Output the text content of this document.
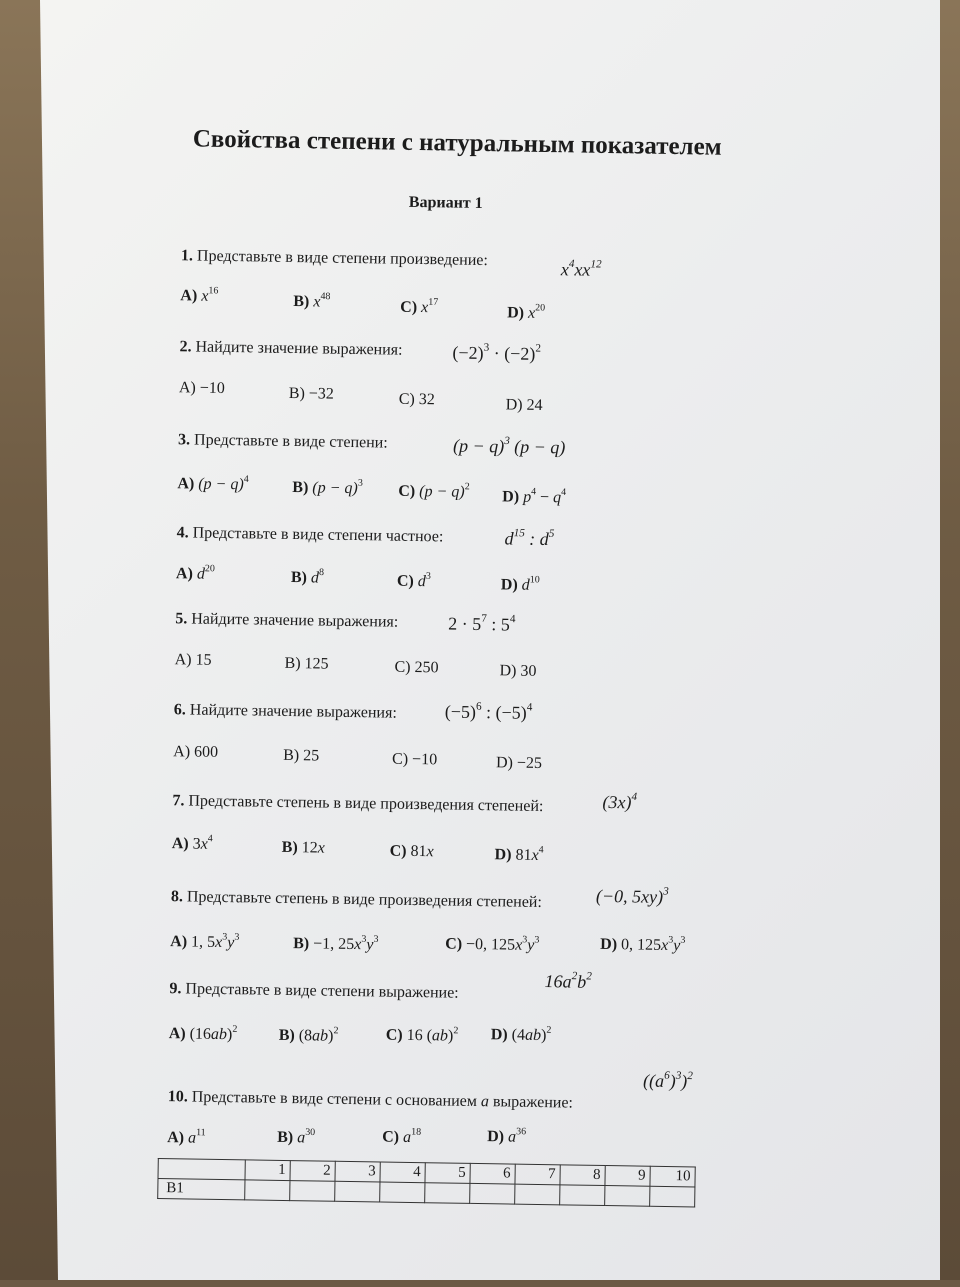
Свойства степени с натуральным показателем
Вариант 1
1. Представьте в виде степени произведение:
$x^4xx^{12}$
A) $x^{16}$
B) $x^{48}$
C) $x^{17}$
D) $x^{20}$
2. Найдите значение выражения:	$(-2)^3 \cdot (-2)^2$
A) −10	B) −32	C) 32	D) 24
3. Представьте в виде степени:	$(p - q)^3$ (p − q)
A) $(p - q)^4$	B) $(p - q)^3$ C) $(p - q)^2$
D) $p^4 - q^4$
4. Представьте в виде степени частное:	$d^{15}$ : $d^5$
A) $d^{20}$
B) $d^8$
C) $d^3$
D) $d^{10}$
5. Найдите значение выражения:	$2 \cdot 5^7$ : $5^4$
A) 15	B) 125	C) 250	D) 30
6. Найдите значение выражения:	$(-5)^6$ : $(-5)^4$
A) 600	B) 25	C) −10	D) −25
7. Представьте степень в виде произведения степеней:	$(3x)^4$
A) $3x^4$
B) 12x	C) 81x	D) $81x^4$
8. Представьте степень в виде произведения степеней:	(−0, 5xy)$^3$
A) 1, $5x^3y^3$	B) −1, $25x^3y^3$	C) −0, $125x^3y^3$	D) 0, $125x^3y^3$
9. Представьте в виде степени выражение:	$16a^2b^2$
A) $(16ab)^2$	B) $(8ab)^2$	C) 16 (ab)$^2$ D) $(4ab)^2$
10. Представьте в виде степени с основанием a выражение:
$((a^6)^3)^2$
A) $a^{11}$	B) $a^{30}$	C) $a^{18}$	D) $a^{36}$
	1	2	3	4	5	6	7	8	9	10
В1										
